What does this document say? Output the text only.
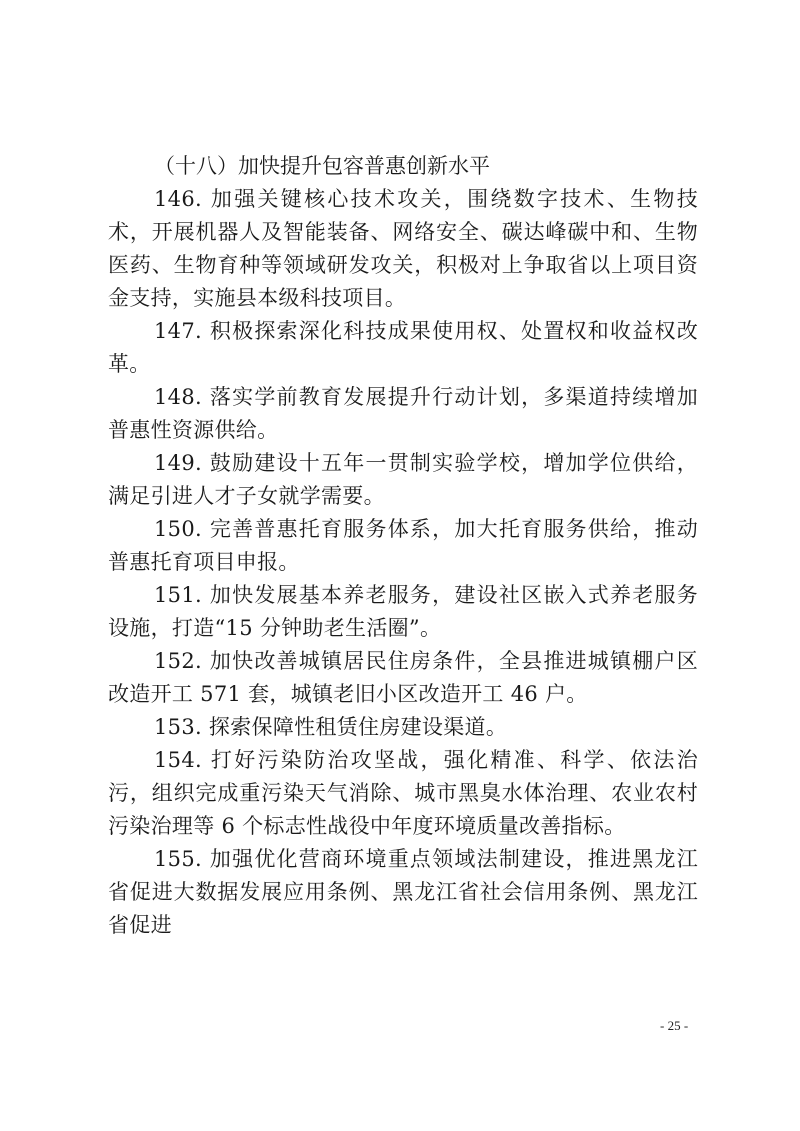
（十八）加快提升包容普惠创新水平

146. 加强关键核心技术攻关，围绕数字技术、生物技术，开展机器人及智能装备、网络安全、碳达峰碳中和、生物医药、生物育种等领域研发攻关，积极对上争取省以上项目资金支持，实施县本级科技项目。

147. 积极探索深化科技成果使用权、处置权和收益权改革。

148. 落实学前教育发展提升行动计划，多渠道持续增加普惠性资源供给。

149. 鼓励建设十五年一贯制实验学校，增加学位供给，满足引进人才子女就学需要。

150. 完善普惠托育服务体系，加大托育服务供给，推动普惠托育项目申报。

151. 加快发展基本养老服务，建设社区嵌入式养老服务设施，打造“15 分钟助老生活圈”。

152. 加快改善城镇居民住房条件，全县推进城镇棚户区改造开工 571 套，城镇老旧小区改造开工 46 户。

153. 探索保障性租赁住房建设渠道。

154. 打好污染防治攻坚战，强化精准、科学、依法治污，组织完成重污染天气消除、城市黑臭水体治理、农业农村污染治理等 6 个标志性战役中年度环境质量改善指标。

155. 加强优化营商环境重点领域法制建设，推进黑龙江省促进大数据发展应用条例、黑龙江省社会信用条例、黑龙江省促进

- 25 -
